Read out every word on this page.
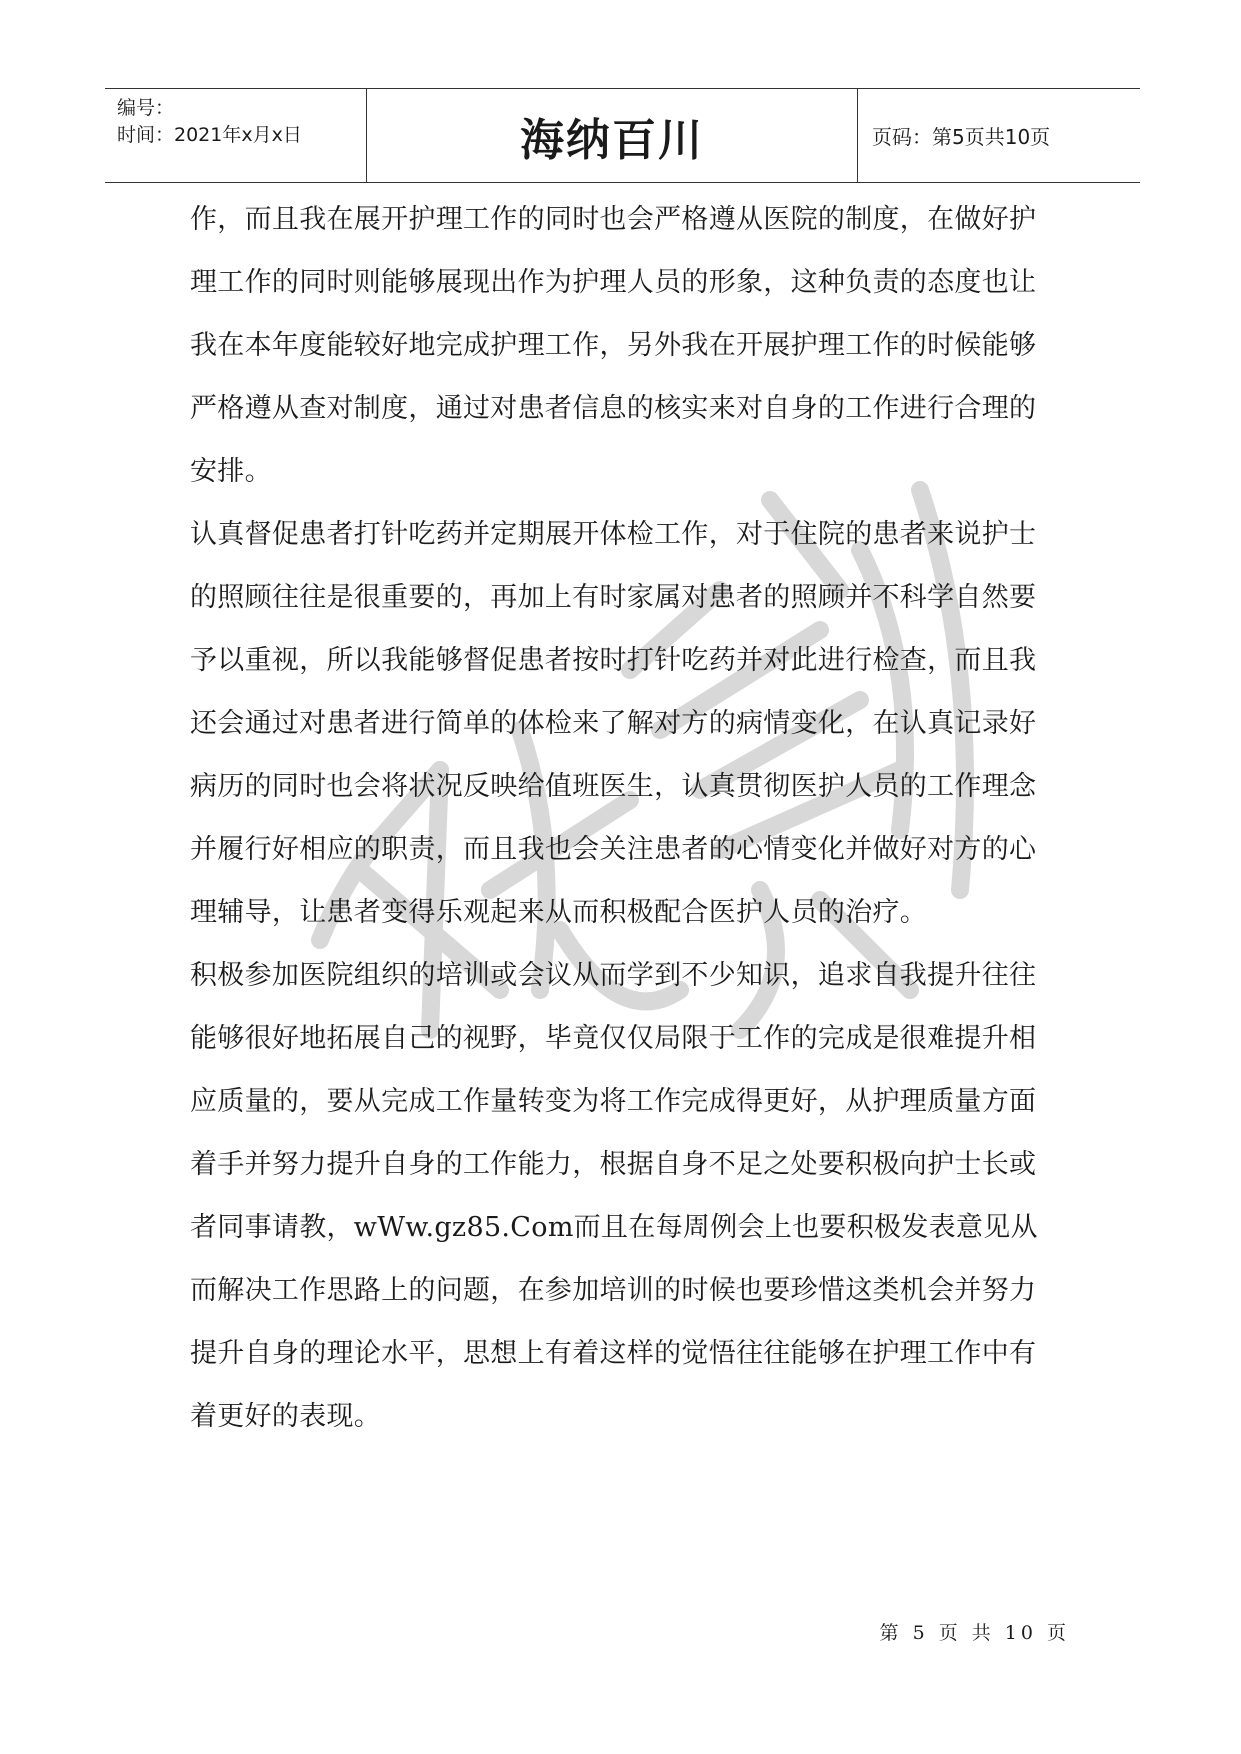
编号：
时间：2021年x月x日	海纳百川	页码：第5页共10页

作，而且我在展开护理工作的同时也会严格遵从医院的制度，在做好护理工作的同时则能够展现出作为护理人员的形象，这种负责的态度也让我在本年度能较好地完成护理工作，另外我在开展护理工作的时候能够严格遵从查对制度，通过对患者信息的核实来对自身的工作进行合理的安排。

认真督促患者打针吃药并定期展开体检工作，对于住院的患者来说护士的照顾往往是很重要的，再加上有时家属对患者的照顾并不科学自然要予以重视，所以我能够督促患者按时打针吃药并对此进行检查，而且我还会通过对患者进行简单的体检来了解对方的病情变化，在认真记录好病历的同时也会将状况反映给值班医生，认真贯彻医护人员的工作理念并履行好相应的职责，而且我也会关注患者的心情变化并做好对方的心理辅导，让患者变得乐观起来从而积极配合医护人员的治疗。

积极参加医院组织的培训或会议从而学到不少知识，追求自我提升往往能够很好地拓展自己的视野，毕竟仅仅局限于工作的完成是很难提升相应质量的，要从完成工作量转变为将工作完成得更好，从护理质量方面着手并努力提升自身的工作能力，根据自身不足之处要积极向护士长或者同事请教，wWw.gz85.Com而且在每周例会上也要积极发表意见从而解决工作思路上的问题，在参加培训的时候也要珍惜这类机会并努力提升自身的理论水平，思想上有着这样的觉悟往往能够在护理工作中有着更好的表现。

第 5 页 共 10 页
